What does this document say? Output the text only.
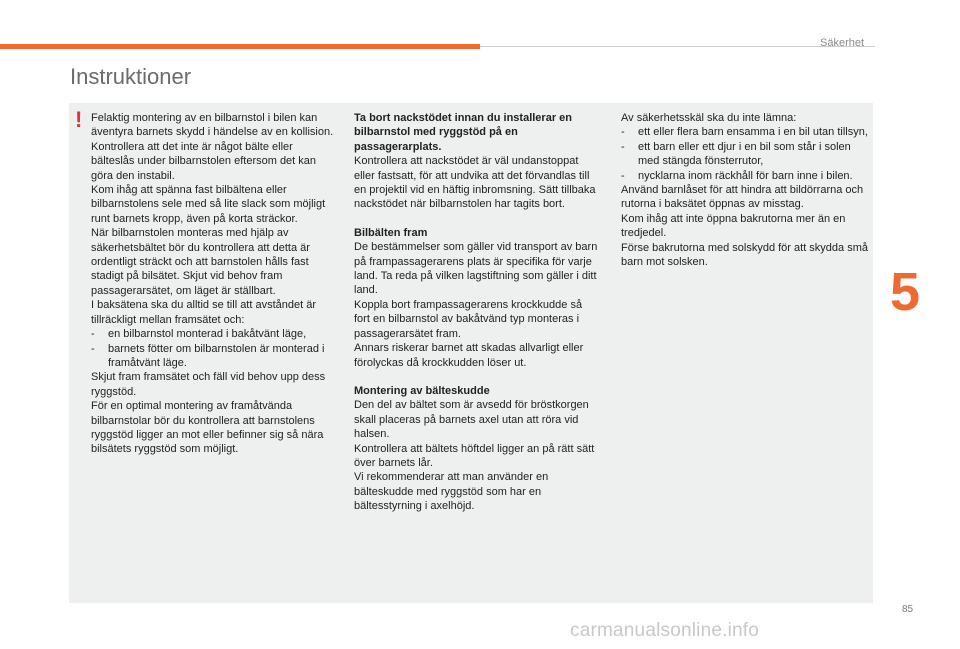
Säkerhet
Instruktioner
! Felaktig montering av en bilbarnstol i bilen kan äventyra barnets skydd i händelse av en kollision.

Kontrollera att det inte är något bälte eller bälteslås under bilbarnstolen eftersom det kan göra den instabil.

Kom ihåg att spänna fast bilbältena eller bilbarnstolens sele med så lite slack som möjligt runt barnets kropp, även på korta sträckor.

När bilbarnstolen monteras med hjälp av säkerhetsbältet bör du kontrollera att detta är ordentligt sträckt och att barnstolen hålls fast stadigt på bilsätet. Skjut vid behov fram passagerarsätet, om läget är ställbart.

I baksätena ska du alltid se till att avståndet är tillräckligt mellan framsätet och:

- en bilbarnstol monterad i bakåtvänt läge,
- barnets fötter om bilbarnstolen är monterad i framåtvänt läge.

Skjut fram framsätet och fäll vid behov upp dess ryggstöd.

För en optimal montering av framåtvända bilbarnstolar bör du kontrollera att barnstolens ryggstöd ligger an mot eller befinner sig så nära bilsätets ryggstöd som möjligt.

Ta bort nackstödet innan du installerar en bilbarnstol med ryggstöd på en passagerarplats.

Kontrollera att nackstödet är väl undanstoppat eller fastsatt, för att undvika att det förvandlas till en projektil vid en häftig inbromsning. Sätt tillbaka nackstödet när bilbarnstolen har tagits bort.

Bilbälten fram

De bestämmelser som gäller vid transport av barn på frampassagerarens plats är specifika för varje land. Ta reda på vilken lagstiftning som gäller i ditt land.

Koppla bort frampassagerarens krockkudde så fort en bilbarnstol av bakåtvänd typ monteras i passagerarsätet fram.

Annars riskerar barnet att skadas allvarligt eller förolyckas då krockkudden löser ut.

Montering av bälteskudde

Den del av bältet som är avsedd för bröstkorgen skall placeras på barnets axel utan att röra vid halsen.

Kontrollera att bältets höftdel ligger an på rätt sätt över barnets lår.

Vi rekommenderar att man använder en bälteskudde med ryggstöd som har en bältesstyrning i axelhöjd.

Av säkerhetsskäl ska du inte lämna:

- ett eller flera barn ensamma i en bil utan tillsyn,
- ett barn eller ett djur i en bil som står i solen med stängda fönsterrutor,
- nycklarna inom räckhåll för barn inne i bilen.

Använd barnlåset för att hindra att bildörrarna och rutorna i baksätet öppnas av misstag.

Kom ihåg att inte öppna bakrutorna mer än en tredjedel.

Förse bakrutorna med solskydd för att skydda små barn mot solsken.	5
85
carmanualsonline.info
